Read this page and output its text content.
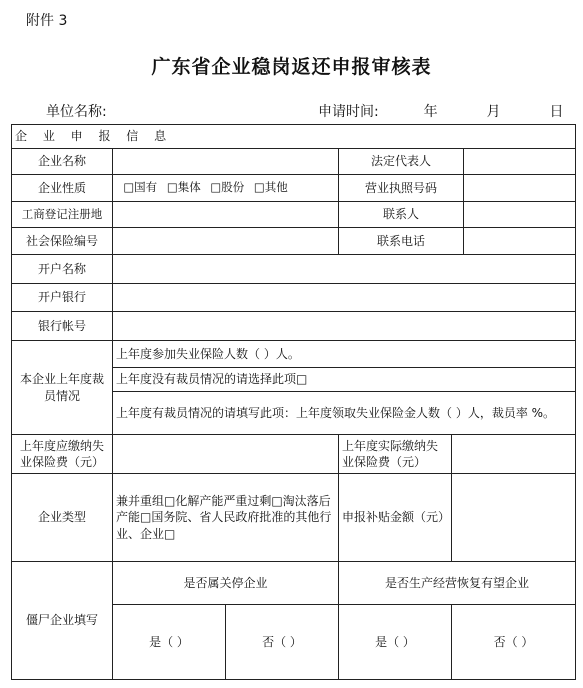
附件 3
广东省企业稳岗返还申报审核表
单位名称:	申请时间:	年	月	日
企 业 申 报 信 息					
企业名称			法定代表人		
企业性质	□国有 □集体 □股份 □其他		营业执照号码		
工商登记注册地			联系人		
社会保险编号			联系电话		
开户名称					
开户银行					
银行帐号					
本企业上年度裁员情况	上年度参加失业保险人数（ ）人。				
	上年度没有裁员情况的请选择此项□				
	上年度有裁员情况的请填写此项：上年度领取失业保险金人数（ ）人，裁员率 %。				
上年度应缴纳失业保险费（元）			上年度实际缴纳失业保险费（元）		
企业类型	兼并重组□化解产能严重过剩□淘汰落后产能□国务院、省人民政府批准的其他行业、企业□		申报补贴金额（元）		
僵尸企业填写	是否属关停企业		是否生产经营恢复有望企业		
	是（ ）	否（ ）	是（ ）	否（ ）	
